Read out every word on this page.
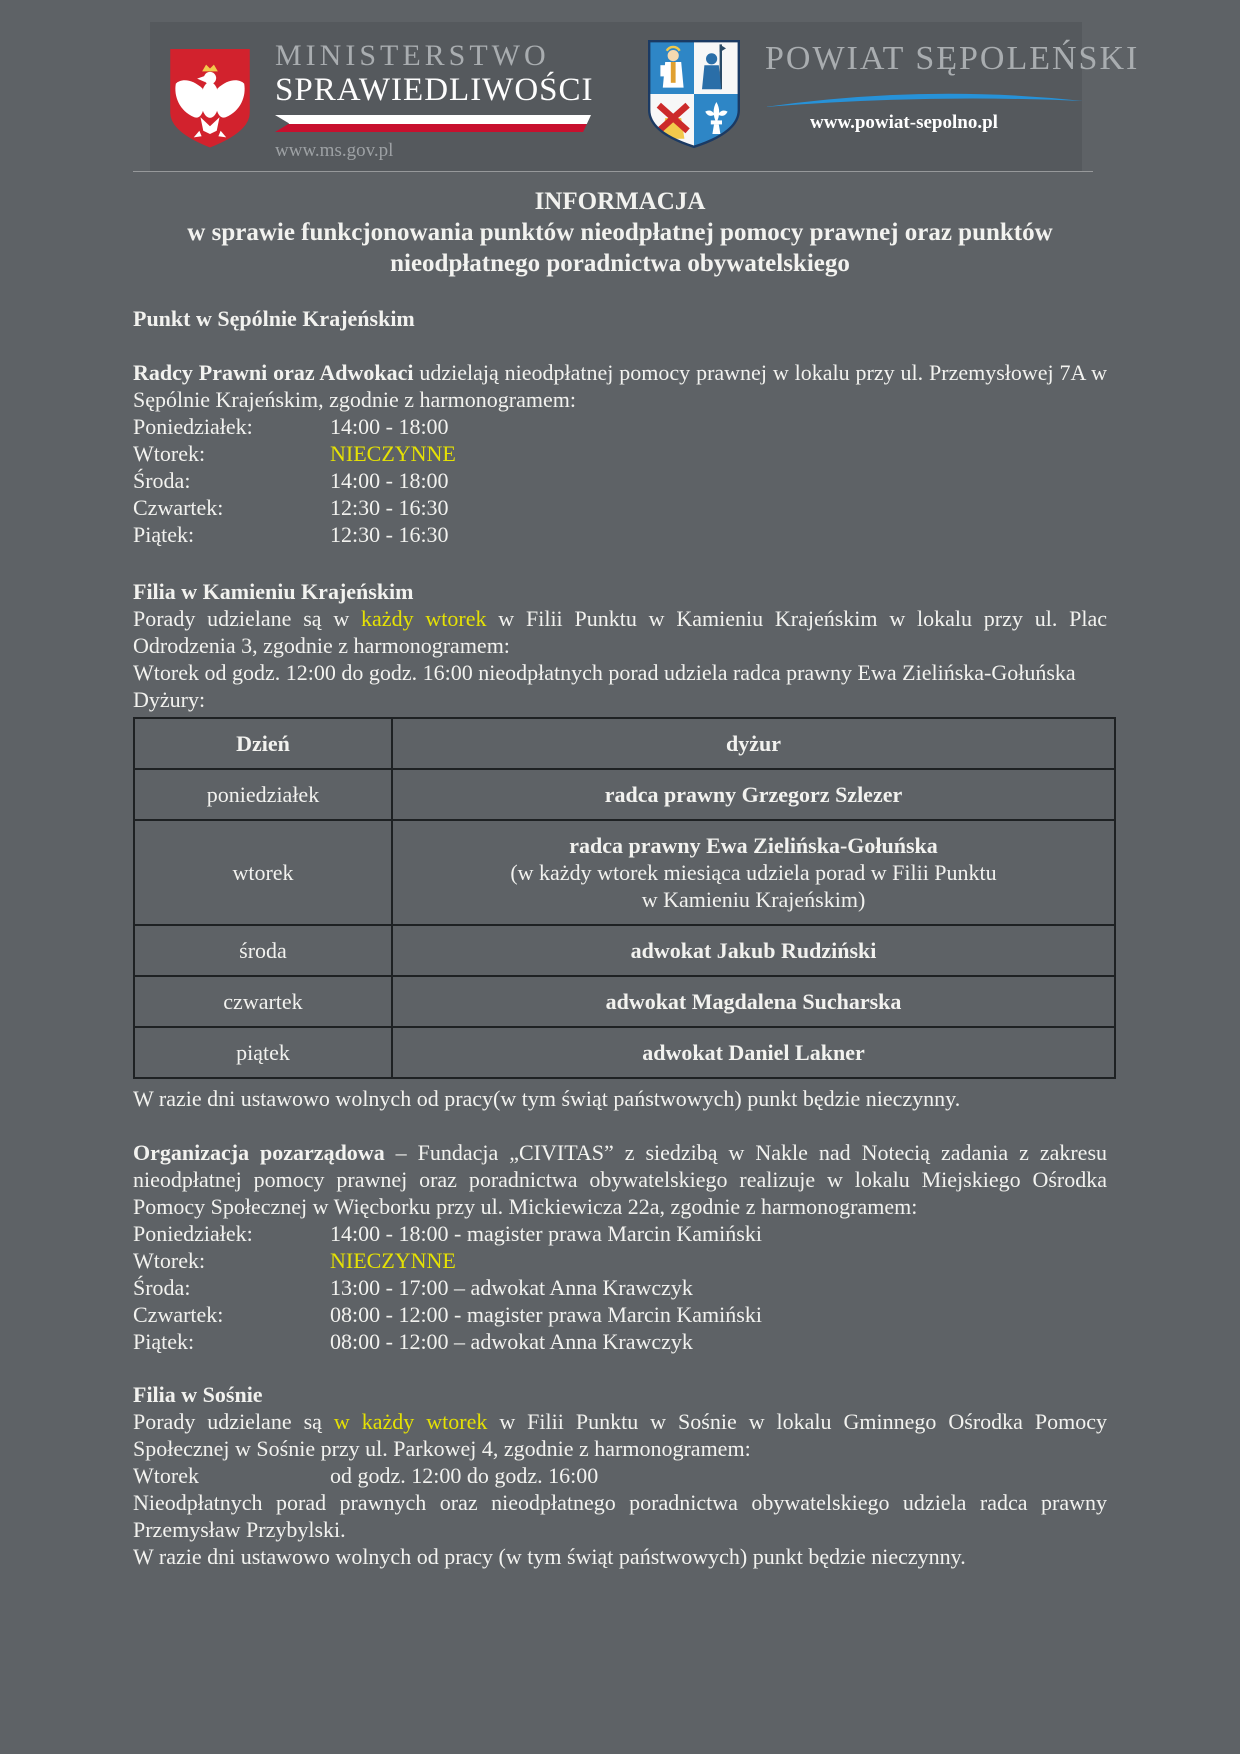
MINISTERSTWO
SPRAWIEDLIWOŚCI
www.ms.gov.pl
POWIAT SĘPOLEŃSKI
www.powiat-sepolno.pl
INFORMACJA
w sprawie funkcjonowania punktów nieodpłatnej pomocy prawnej oraz punktów
nieodpłatnego poradnictwa obywatelskiego
Punkt w Sępólnie Krajeńskim
Radcy Prawni oraz Adwokaci udzielają nieodpłatnej pomocy prawnej w lokalu przy ul. Przemysłowej 7A w Sępólnie Krajeńskim, zgodnie z harmonogramem:
Poniedziałek:	14:00 - 18:00
Wtorek:	NIECZYNNE
Środa:	14:00 - 18:00
Czwartek:	12:30 - 16:30
Piątek:	12:30 - 16:30
Filia w Kamieniu Krajeńskim
Porady udzielane są w każdy wtorek w Filii Punktu w Kamieniu Krajeńskim w lokalu przy ul. Plac Odrodzenia 3, zgodnie z harmonogramem:
Wtorek od godz. 12:00 do godz. 16:00 nieodpłatnych porad udziela radca prawny Ewa Zielińska-Gołuńska
Dyżury:
Dzień	dyżur
poniedziałek	radca prawny Grzegorz Szlezer
wtorek	radca prawny Ewa Zielińska-Gołuńska
(w każdy wtorek miesiąca udziela porad w Filii Punktu
w Kamieniu Krajeńskim)

środa	adwokat Jakub Rudziński
czwartek	adwokat Magdalena Sucharska
piątek	adwokat Daniel Lakner
W razie dni ustawowo wolnych od pracy(w tym świąt państwowych) punkt będzie nieczynny.
Organizacja pozarządowa – Fundacja „CIVITAS” z siedzibą w Nakle nad Notecią zadania z zakresu nieodpłatnej pomocy prawnej oraz poradnictwa obywatelskiego realizuje w lokalu Miejskiego Ośrodka Pomocy Społecznej w Więcborku przy ul. Mickiewicza 22a, zgodnie z harmonogramem:
Poniedziałek:	14:00 - 18:00 - magister prawa Marcin Kamiński
Wtorek:	NIECZYNNE
Środa:	13:00 - 17:00 – adwokat Anna Krawczyk
Czwartek:	08:00 - 12:00 - magister prawa Marcin Kamiński
Piątek:	08:00 - 12:00 – adwokat Anna Krawczyk
Filia w Sośnie
Porady udzielane są w każdy wtorek w Filii Punktu w Sośnie w lokalu Gminnego Ośrodka Pomocy Społecznej w Sośnie przy ul. Parkowej 4, zgodnie z harmonogramem:
Wtorek	od godz. 12:00 do godz. 16:00
Nieodpłatnych porad prawnych oraz nieodpłatnego poradnictwa obywatelskiego udziela radca prawny Przemysław Przybylski.
W razie dni ustawowo wolnych od pracy (w tym świąt państwowych) punkt będzie nieczynny.
